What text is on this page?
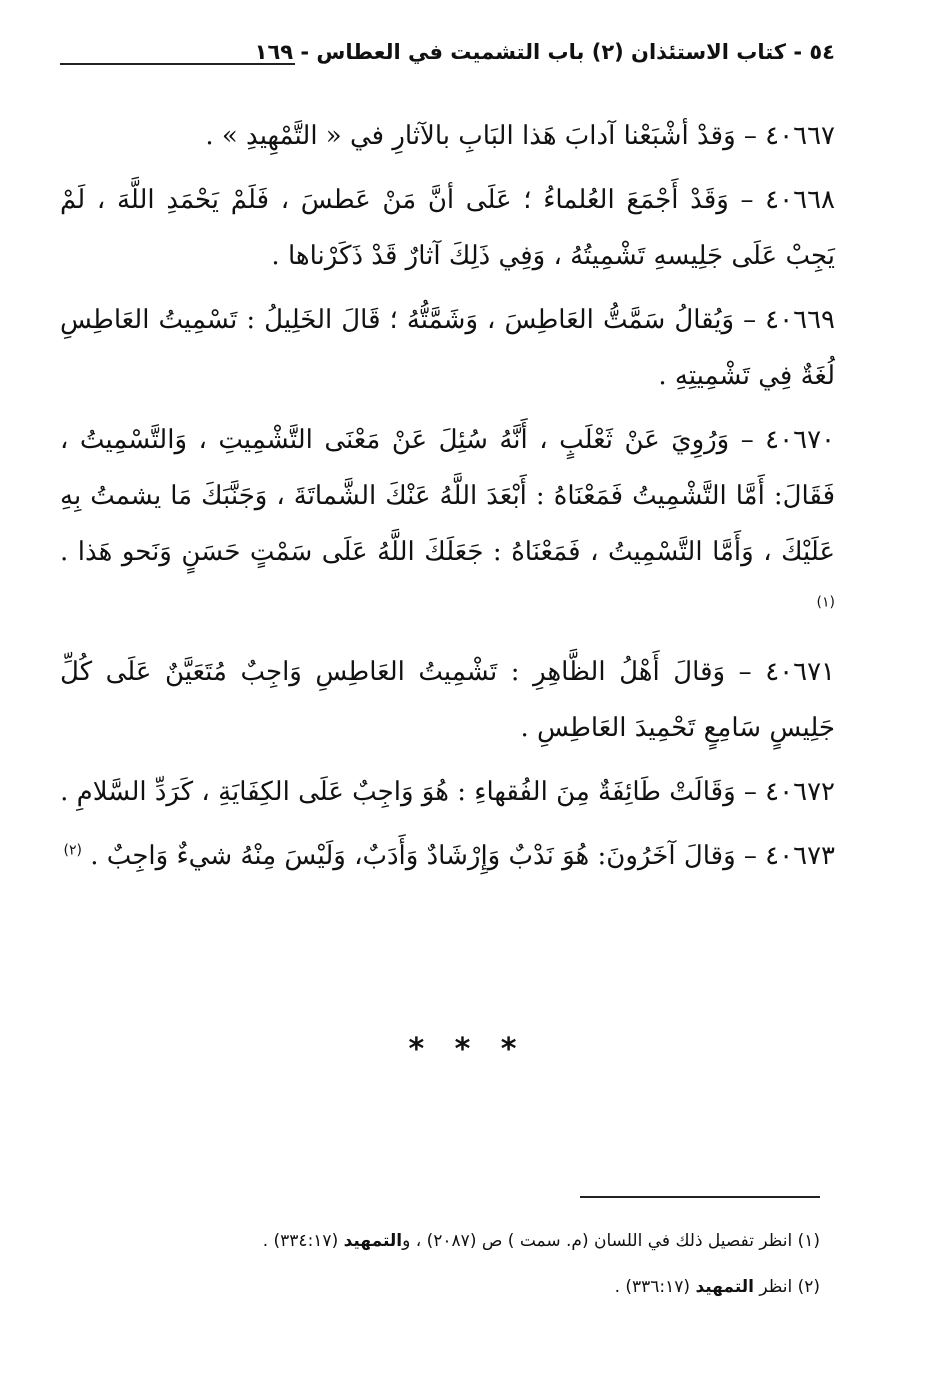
٥٤ - كتاب الاستئذان (٢) باب التشميت في العطاس - ١٦٩

٤٠٦٦٧ – وَقدْ أشْبَعْنا آدابَ هَذا البَابِ بالآثارِ في « التَّمْهِيدِ » .

٤٠٦٦٨ – وَقَدْ أَجْمَعَ العُلماءُ ؛ عَلَى أنَّ مَنْ عَطسَ ، فَلَمْ يَحْمَدِ اللَّهَ ، لَمْ يَجِبْ عَلَى جَلِيسهِ تَشْمِيتُهُ ، وَفِي ذَلِكَ آثارٌ قَدْ ذَكَرْناها .

٤٠٦٦٩ – وَيُقالُ سَمَّتُّ العَاطِسَ ، وَشَمَّتُّهُ ؛ قَالَ الخَلِيلُ : تَسْمِيتُ العَاطِسِ لُغَةٌ فِي تَشْمِيتِهِ .

٤٠٦٧٠ – وَرُوِيَ عَنْ ثَعْلَبٍ ، أَنَّهُ سُئِلَ عَنْ مَعْنَى التَّشْمِيتِ ، وَالتَّسْمِيتُ ، فَقَالَ: أَمَّا التَّشْمِيتُ فَمَعْنَاهُ : أَبْعَدَ اللَّهُ عَنْكَ الشَّماتَةَ ، وَجَنَّبَكَ مَا يشمتُ بِهِ عَلَيْكَ ، وَأَمَّا التَّسْمِيتُ ، فَمَعْنَاهُ : جَعَلَكَ اللَّهُ عَلَى سَمْتٍ حَسَنٍ وَنَحو هَذا . $^{(١)}$

٤٠٦٧١ – وَقالَ أَهْلُ الظَّاهِرِ : تَشْمِيتُ العَاطِسِ وَاجِبٌ مُتَعَيَّنٌ عَلَى كُلِّ جَلِيسٍ سَامِعٍ تَحْمِيدَ العَاطِسِ .

٤٠٦٧٢ – وَقَالَتْ طَائِفَةٌ مِنَ الفُقهاءِ : هُوَ وَاجِبٌ عَلَى الكِفَايَةِ ، كَرَدِّ السَّلامِ .

٤٠٦٧٣ – وَقالَ آخَرُونَ: هُوَ نَدْبٌ وَإِرْشَادٌ وَأَدَبٌ، وَلَيْسَ مِنْهُ شيءٌ وَاجِبٌ . $^{(٢)}$

* * *
(١) انظر تفصيل ذلك في اللسان (م. سمت ) ص (٢٠٨٧) ، والتمهيد (٣٣٤:١٧) .
(٢) انظر التمهيد (٣٣٦:١٧) .
